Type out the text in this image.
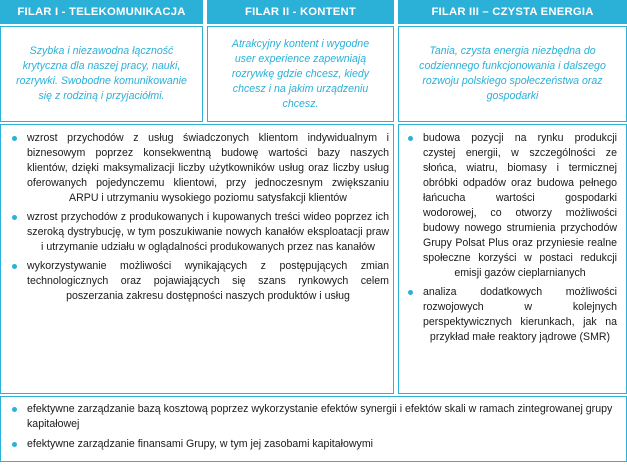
FILAR I - TELEKOMUNIKACJA	FILAR II - KONTENT	FILAR III – CZYSTA ENERGIA
Szybka i niezawodna łączność krytyczna dla naszej pracy, nauki, rozrywki. Swobodne komunikowanie się z rodziną i przyjaciółmi.
Atrakcyjny kontent i wygodne user experience zapewniają rozrywkę gdzie chcesz, kiedy chcesz i na jakim urządzeniu chcesz.
Tania, czysta energia niezbędna do codziennego funkcjonowania i dalszego rozwoju polskiego społeczeństwa oraz gospodarki
wzrost przychodów z usług świadczonych klientom indywidualnym i biznesowym poprzez konsekwentną budowę wartości bazy naszych klientów, dzięki maksymalizacji liczby użytkowników usług oraz liczby usług oferowanych pojedynczemu klientowi, przy jednoczesnym zwiększaniu ARPU i utrzymaniu wysokiego poziomu satysfakcji klientów
wzrost przychodów z produkowanych i kupowanych treści wideo poprzez ich szeroką dystrybucję, w tym poszukiwanie nowych kanałów eksploatacji praw i utrzymanie udziału w oglądalności produkowanych przez nas kanałów
wykorzystywanie możliwości wynikających z postępujących zmian technologicznych oraz pojawiających się szans rynkowych celem poszerzania zakresu dostępności naszych produktów i usług
budowa pozycji na rynku produkcji czystej energii, w szczególności ze słońca, wiatru, biomasy i termicznej obróbki odpadów oraz budowa pełnego łańcucha wartości gospodarki wodorowej, co otworzy możliwości budowy nowego strumienia przychodów Grupy Polsat Plus oraz przyniesie realne społeczne korzyści w postaci redukcji emisji gazów cieplarnianych
analiza dodatkowych możliwości rozwojowych w kolejnych perspektywicznych kierunkach, jak na przykład małe reaktory jądrowe (SMR)
efektywne zarządzanie bazą kosztową poprzez wykorzystanie efektów synergii i efektów skali w ramach zintegrowanej grupy kapitałowej
efektywne zarządzanie finansami Grupy, w tym jej zasobami kapitałowymi
